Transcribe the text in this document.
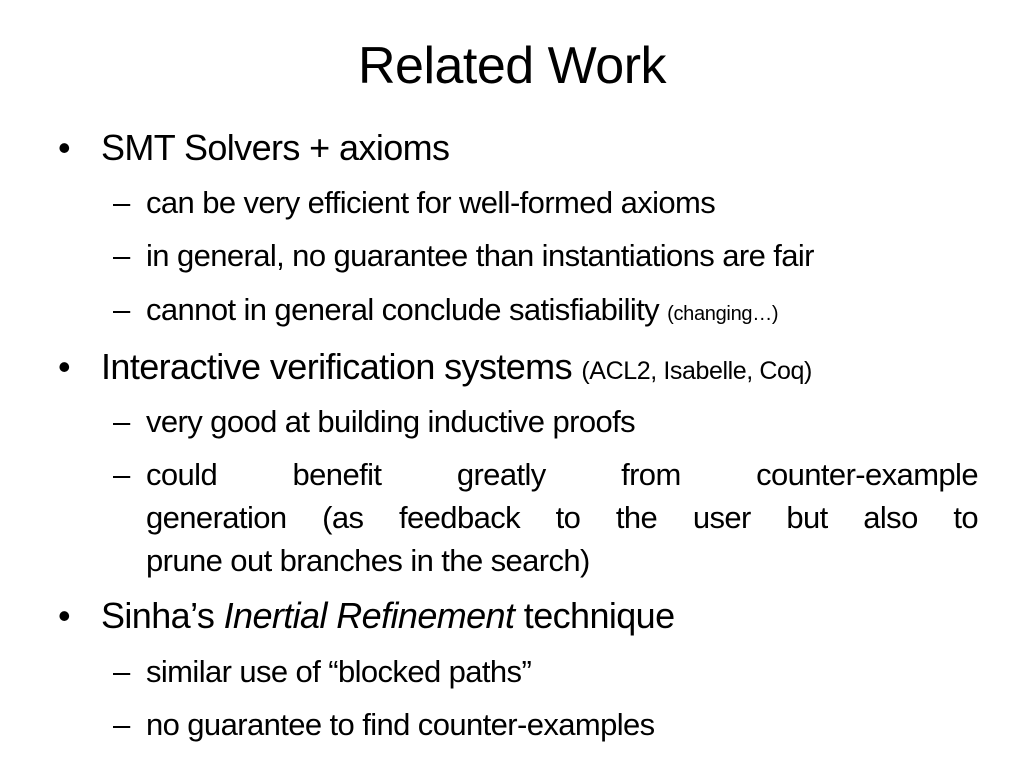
Related Work
• SMT Solvers + axioms
– can be very efficient for well-formed axioms
– in general, no guarantee than instantiations are fair
– cannot in general conclude satisfiability (changing…)
• Interactive verification systems (ACL2, Isabelle, Coq)
– very good at building inductive proofs
– could benefit greatly from counter-example
generation (as feedback to the user but also to
prune out branches in the search)
• Sinha’s Inertial Refinement technique
– similar use of “blocked paths”
– no guarantee to find counter-examples
